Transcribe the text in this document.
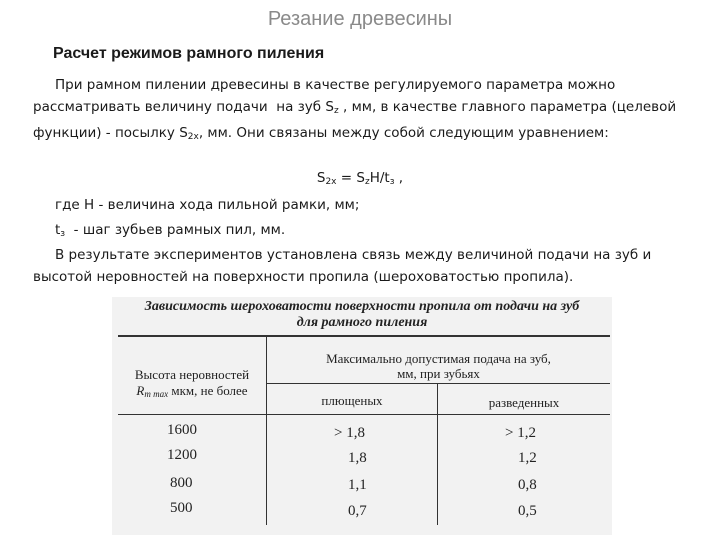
Резание древесины
Расчет режимов рамного пиления
При рамном пилении древесины в качестве регулируемого параметра можно рассматривать величину подачи  на зуб $S_z$ , мм, в качестве главного параметра (целевой функции) - посылку $S_{2x}$, мм. Они связаны между собой следующим уравнением:
$S_{2x} = S_zH/t_з$ ,
где H - величина хода пильной рамки, мм;
$t_з$  - шаг зубьев рамных пил, мм.
В результате экспериментов установлена связь между величиной подачи на зуб и высотой неровностей на поверхности пропила (шероховатостью пропила).
Зависимость шероховатости поверхности пропила от подачи на зуб
для рамного пиления
Высота неровностей
$R_{m max}$ мкм, не более
Максимально допустимая подача на зуб,
мм, при зубьях
плющеных	разведенных
1600	> 1,8	> 1,2
1200	1,8	1,2
800	1,1	0,8
500	0,7	0,5
